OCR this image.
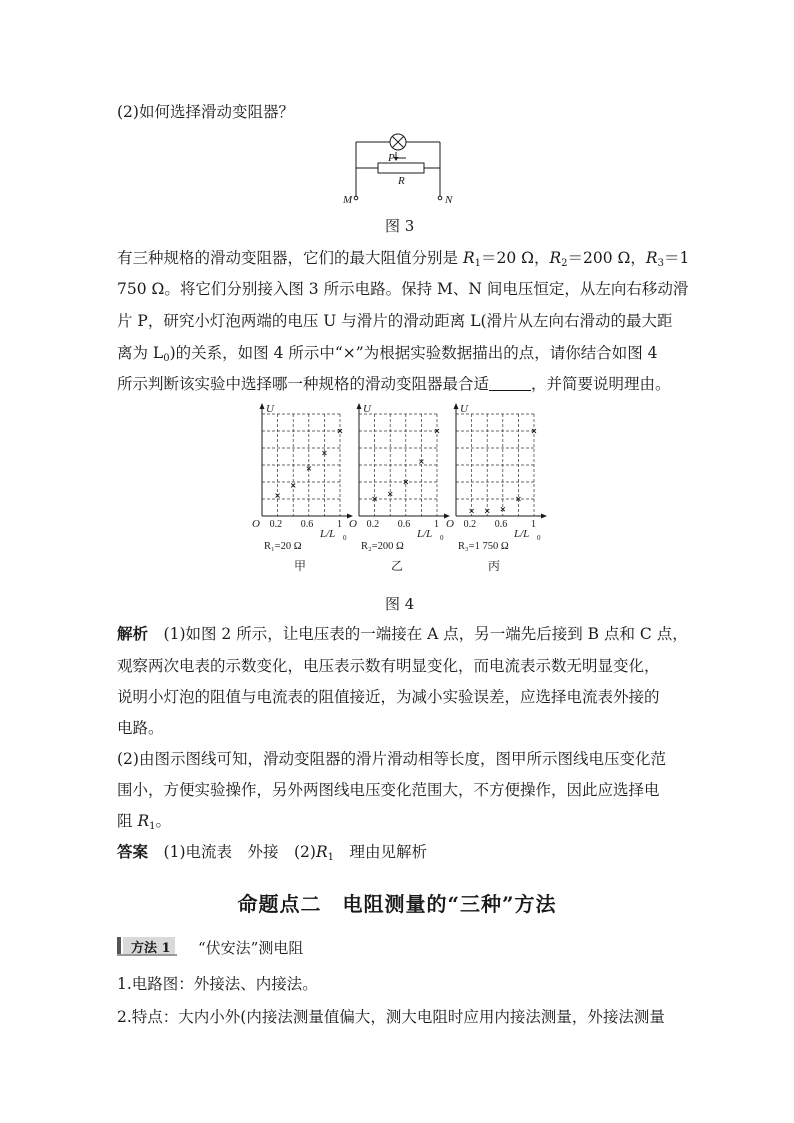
(2)如何选择滑动变阻器？
P
R
M	N
图 3
有三种规格的滑动变阻器，它们的最大阻值分别是 $R_1=20$ Ω，$R_2=200$ Ω，$R_3=1$
750 Ω。将它们分别接入图 3 所示电路。保持 M、N 间电压恒定，从左向右移动滑
片 P，研究小灯泡两端的电压 U 与滑片的滑动距离 L(滑片从左向右滑动的最大距
离为 $L_0$)的关系，如图 4 所示中“×”为根据实验数据描出的点，请你结合如图 4
所示判断该实验中选择哪一种规格的滑动变阻器最合适	，并简要说明理由。
U
O 0.2 0.6 1
L/L 0
R₁=20 Ω
甲
U
O 0.2 0.6 1
L/L 0
R₂=200 Ω
乙
U
O 0.2 0.6 1
L/L 0
R₃=1 750 Ω
丙
图 4
解析　 (1)如图 2 所示，让电压表的一端接在 A 点，另一端先后接到 B 点和 C 点，
观察两次电表的示数变化，电压表示数有明显变化，而电流表示数无明显变化，
说明小灯泡的阻值与电流表的阻值接近，为减小实验误差，应选择电流表外接的
电路。
(2)由图示图线可知，滑动变阻器的滑片滑动相等长度，图甲所示图线电压变化范
围小，方便实验操作，另外两图线电压变化范围大，不方便操作，因此应选择电
阻 $R_1$。
答案　 (1)电流表　外接　$(2)R_1$　理由见解析
命题点二　电阻测量的“三种”方法
方法 1 “伏安法”测电阻
1.电路图：外接法、内接法。
2.特点：大内小外(内接法测量值偏大，测大电阻时应用内接法测量，外接法测量
